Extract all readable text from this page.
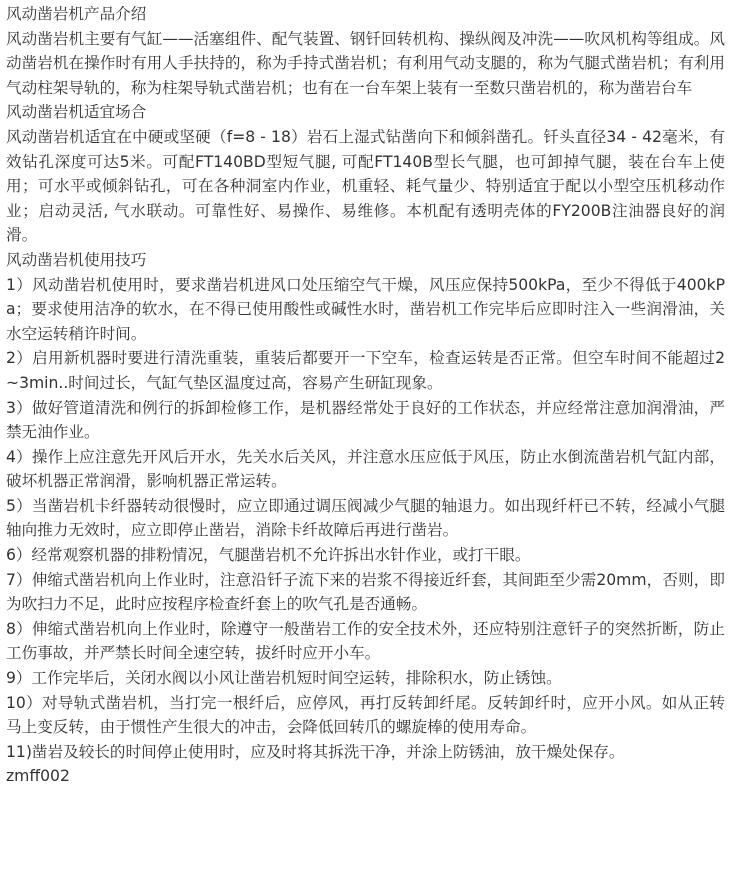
风动凿岩机产品介绍

风动凿岩机主要有气缸——活塞组件、配气装置、钢钎回转机构、操纵阀及冲洗——吹风机构等组成。风动凿岩机在操作时有用人手扶持的，称为手持式凿岩机；有利用气动支腿的，称为气腿式凿岩机；有利用气动柱架导轨的，称为柱架导轨式凿岩机；也有在一台车架上装有一至数只凿岩机的，称为凿岩台车

风动凿岩机适宜场合

风动凿岩机适宜在中硬或坚硬（f=8 - 18）岩石上湿式钻凿向下和倾斜凿孔。钎头直径34 - 42毫米，有效钻孔深度可达5米。可配FT140BD型短气腿, 可配FT140B型长气腿，也可卸掉气腿，装在台车上使用；可水平或倾斜钻孔，可在各种洞室内作业，机重轻、耗气量少、特别适宜于配以小型空压机移动作业；启动灵活, 气水联动。可靠性好、易操作、易维修。本机配有透明壳体的FY200B注油器良好的润滑。

风动凿岩机使用技巧

1）风动凿岩机使用时，要求凿岩机进风口处压缩空气干燥，风压应保持500kPa，至少不得低于400kPa；要求使用洁净的软水，在不得已使用酸性或碱性水时，凿岩机工作完毕后应即时注入一些润滑油，关水空运转稍许时间。

2）启用新机器时要进行清洗重装，重装后都要开一下空车，检查运转是否正常。但空车时间不能超过2~3min..时间过长，气缸气垫区温度过高，容易产生研缸现象。

3）做好管道清洗和例行的拆卸检修工作，是机器经常处于良好的工作状态，并应经常注意加润滑油，严禁无油作业。

4）操作上应注意先开风后开水，先关水后关风，并注意水压应低于风压，防止水倒流凿岩机气缸内部，破坏机器正常润滑，影响机器正常运转。

5）当凿岩机卡纤器转动很慢时，应立即通过调压阀减少气腿的轴退力。如出现纤杆已不转，经减小气腿轴向推力无效时，应立即停止凿岩，消除卡纤故障后再进行凿岩。

6）经常观察机器的排粉情况，气腿凿岩机不允许拆出水针作业，或打干眼。

7）伸缩式凿岩机向上作业时，注意沿钎子流下来的岩浆不得接近纤套，其间距至少需20mm，否则，即为吹扫力不足，此时应按程序检查纤套上的吹气孔是否通畅。

8）伸缩式凿岩机向上作业时，除遵守一般凿岩工作的安全技术外，还应特别注意钎子的突然折断，防止工伤事故，并严禁长时间全速空转，拔纤时应开小车。

9）工作完毕后，关闭水阀以小风让凿岩机短时间空运转，排除积水，防止锈蚀。

10）对导轨式凿岩机，当打完一根纤后，应停风，再打反转卸纤尾。反转卸纤时，应开小风。如从正转马上变反转，由于惯性产生很大的冲击，会降低回转爪的螺旋棒的使用寿命。

11)凿岩及较长的时间停止使用时，应及时将其拆洗干净，并涂上防锈油，放干燥处保存。

zmff002
